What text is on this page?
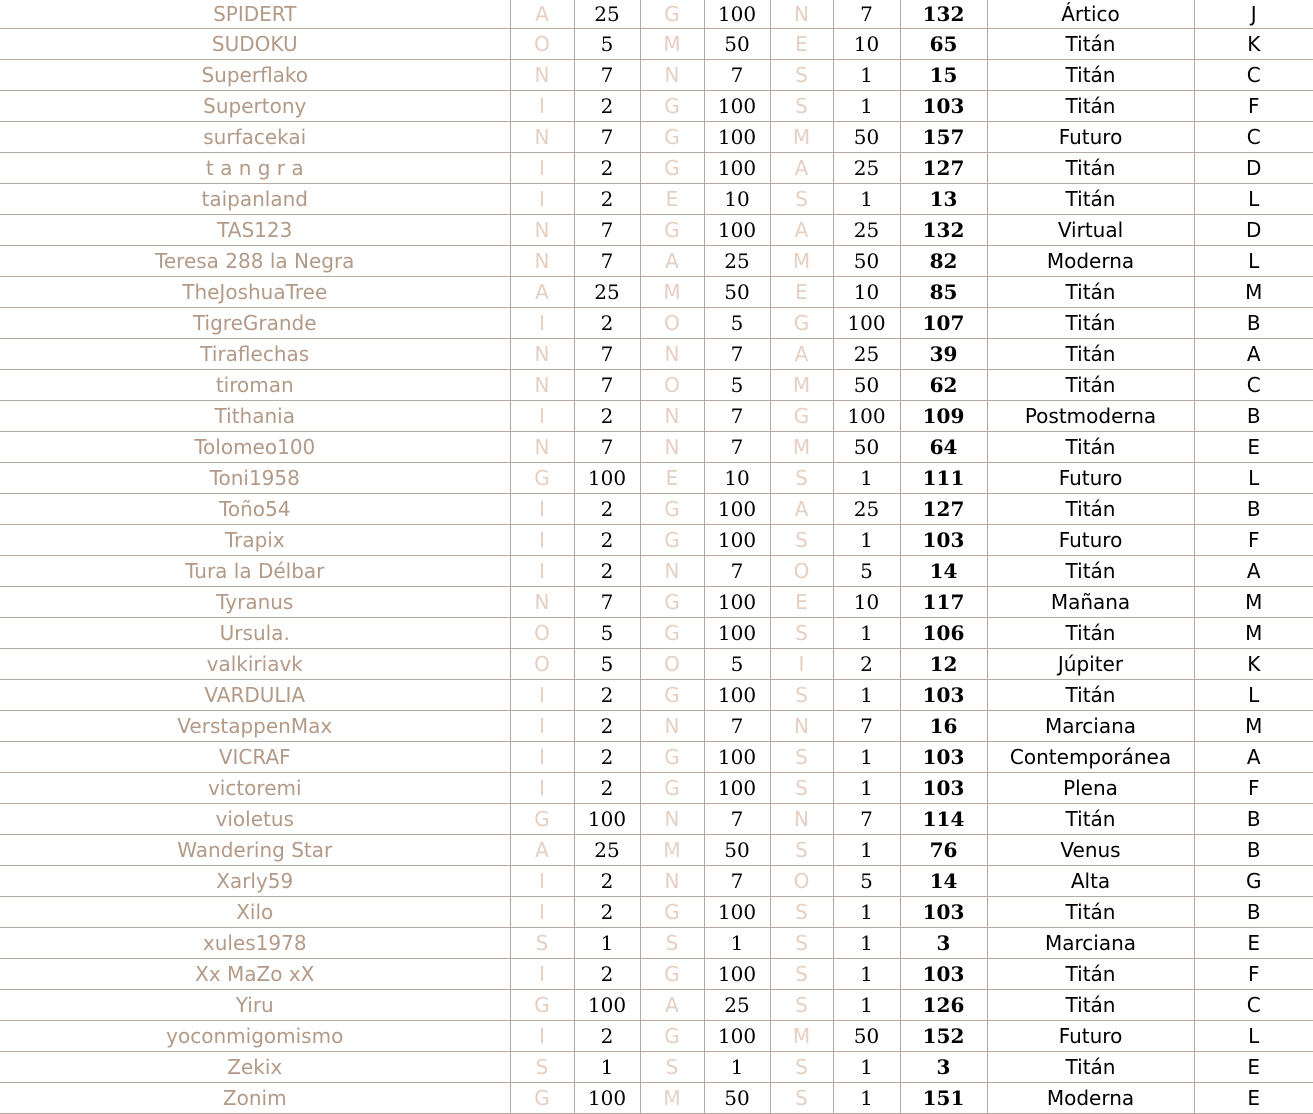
SPIDERT	A	25	G	100	N	7	132	Ártico	J
SUDOKU	O	5	M	50	E	10	65	Titán	K
Superflako	N	7	N	7	S	1	15	Titán	C
Supertony	I	2	G	100	S	1	103	Titán	F
surfacekai	N	7	G	100	M	50	157	Futuro	C
t a n g r a	I	2	G	100	A	25	127	Titán	D
taipanland	I	2	E	10	S	1	13	Titán	L
TAS123	N	7	G	100	A	25	132	Virtual	D
Teresa 288 la Negra	N	7	A	25	M	50	82	Moderna	L
TheJoshuaTree	A	25	M	50	E	10	85	Titán	M
TigreGrande	I	2	O	5	G	100	107	Titán	B
Tiraflechas	N	7	N	7	A	25	39	Titán	A
tiroman	N	7	O	5	M	50	62	Titán	C
Tithania	I	2	N	7	G	100	109	Postmoderna	B
Tolomeo100	N	7	N	7	M	50	64	Titán	E
Toni1958	G	100	E	10	S	1	111	Futuro	L
Toño54	I	2	G	100	A	25	127	Titán	B
Trapix	I	2	G	100	S	1	103	Futuro	F
Tura la Délbar	I	2	N	7	O	5	14	Titán	A
Tyranus	N	7	G	100	E	10	117	Mañana	M
Ursula.	O	5	G	100	S	1	106	Titán	M
valkiriavk	O	5	O	5	I	2	12	Júpiter	K
VARDULIA	I	2	G	100	S	1	103	Titán	L
VerstappenMax	I	2	N	7	N	7	16	Marciana	M
VICRAF	I	2	G	100	S	1	103	Contemporánea	A
victoremi	I	2	G	100	S	1	103	Plena	F
violetus	G	100	N	7	N	7	114	Titán	B
Wandering Star	A	25	M	50	S	1	76	Venus	B
Xarly59	I	2	N	7	O	5	14	Alta	G
Xilo	I	2	G	100	S	1	103	Titán	B
xules1978	S	1	S	1	S	1	3	Marciana	E
Xx MaZo xX	I	2	G	100	S	1	103	Titán	F
Yiru	G	100	A	25	S	1	126	Titán	C
yoconmigomismo	I	2	G	100	M	50	152	Futuro	L
Zekix	S	1	S	1	S	1	3	Titán	E
Zonim	G	100	M	50	S	1	151	Moderna	E
